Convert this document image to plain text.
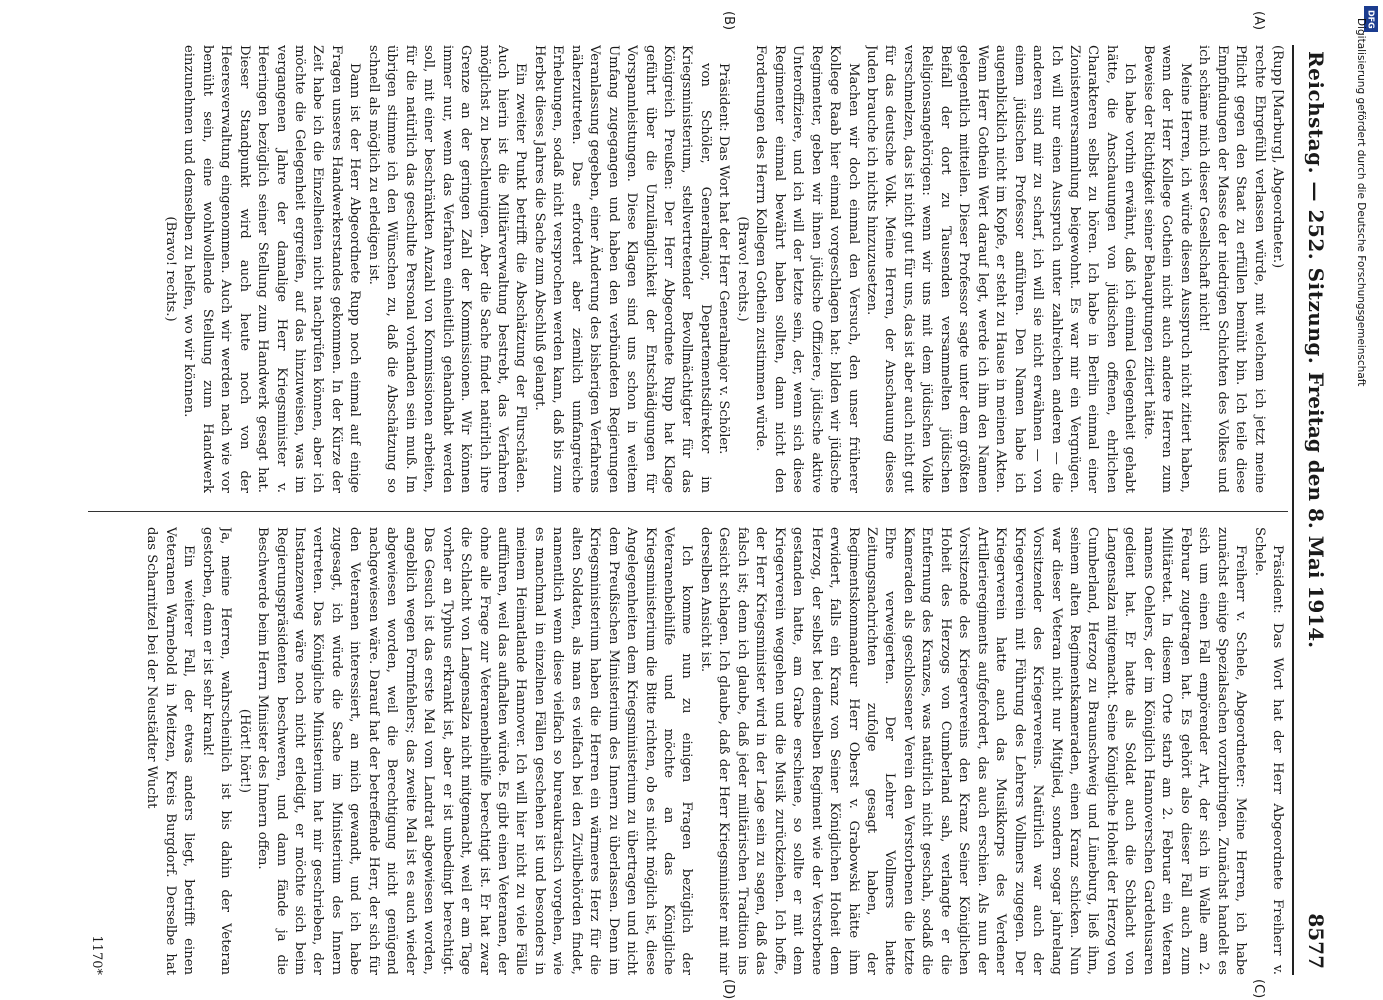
Reichstag. — 252. Sitzung.
Freitag den 8. Mai 1914.
8577
(A)
(B)
(C)
(D)

(Rupp [Marburg], Abgeordneter.)

rechte Ehrgefühl verlassen würde, mit welchem ich jetzt meine Pflicht gegen den Staat zu erfüllen bemüht bin. Ich teile diese Empfindungen der Masse der niedrigen Schichten des Volkes und ich schäme mich dieser Gesellschaft nicht!

Meine Herren, ich würde diesen Ausspruch nicht zitiert haben, wenn der Herr Kollege Gothein nicht auch andere Herren zum Beweise der Richtigkeit seiner Behauptungen zitiert hätte.

Ich habe vorhin erwähnt, daß ich einmal Gelegenheit gehabt hätte, die Anschauungen von jüdischen offenen, ehrlichen Charakteren selbst zu hören. Ich habe in Berlin einmal einer Zionistenversammlung beigewohnt. Es war mir ein Vergnügen. Ich will nur einen Ausspruch unter zahlreichen anderen — die anderen sind mir zu scharf, ich will sie nicht erwähnen — von einem jüdischen Professor anführen. Den Namen habe ich augenblicklich nicht im Kopfe, er steht zu Hause in meinen Akten. Wenn Herr Gothein Wert darauf legt, werde ich ihm den Namen gelegentlich mitteilen. Dieser Professor sagte unter dem größten Beifall der dort zu Tausenden versammelten jüdischen Religionsangehörigen: wenn wir uns mit dem jüdischen Volke verschmelzen, das ist nicht gut für uns, das ist aber auch nicht gut für das deutsche Volk. Meine Herren, der Anschauung dieses Juden brauche ich nichts hinzuzusetzen.

Machen wir doch einmal den Versuch, den unser früherer Kollege Raab hier einmal vorgeschlagen hat: bilden wir jüdische Regimenter, geben wir ihnen jüdische Offiziere, jüdische aktive Unteroffiziere, und ich will der letzte sein, der, wenn sich diese Regimenter einmal bewährt haben sollten, dann nicht den Forderungen des Herrn Kollegen Gothein zustimmen würde.

(Bravo! rechts.)

Präsident: Das Wort hat der Herr Generalmajor v. Schöler.

von Schöler, Generalmajor, Departementsdirektor im Kriegsministerium, stellvertretender Bevollmächtigter für das Königreich Preußen: Der Herr Abgeordnete Rupp hat Klage geführt über die Unzulänglichkeit der Entschädigungen für Vorspannleistungen. Diese Klagen sind uns schon in weitem Umfang zugegangen und haben den verbündeten Regierungen Veranlassung gegeben, einer Änderung des bisherigen Verfahrens näherzutreten. Das erfordert aber ziemlich umfangreiche Erhebungen, sodaß nicht versprochen werden kann, daß bis zum Herbst dieses Jahres die Sache zum Abschluß gelangt.

Ein zweiter Punkt betrifft die Abschätzung der Flurschäden. Auch hierin ist die Militärverwaltung bestrebt, das Verfahren möglichst zu beschleunigen. Aber die Sache findet natürlich ihre Grenze an der geringen Zahl der Kommissionen. Wir können immer nur, wenn das Verfahren einheitlich gehandhabt werden soll, mit einer beschränkten Anzahl von Kommissionen arbeiten, für die natürlich das geschulte Personal vorhanden sein muß. Im übrigen stimme ich den Wünschen zu, daß die Abschätzung so schnell als möglich zu erledigen ist.

Dann ist der Herr Abgeordnete Rupp noch einmal auf einige Fragen unseres Handwerkerstandes gekommen. In der Kürze der Zeit habe ich die Einzelheiten nicht nachprüfen können, aber ich möchte die Gelegenheit ergreifen, auf das hinzuweisen, was im vergangenen Jahre der damalige Herr Kriegsminister v. Heeringen bezüglich seiner Stellung zum Handwerk gesagt hat. Dieser Standpunkt wird auch heute noch von der Heeresverwaltung eingenommen. Auch wir werden nach wie vor bemüht sein, eine wohlwollende Stellung zum Handwerk einzunehmen und demselben zu helfen, wo wir können.

(Bravo! rechts.)

Präsident: Das Wort hat der Herr Abgeordnete Freiherr v. Schele.

Freiherr v. Schele, Abgeordneter: Meine Herren, ich habe zunächst einige Spezialsachen vorzubringen. Zunächst handelt es sich um einen Fall empörender Art, der sich in Walle am 2. Februar zugetragen hat. Es gehört also dieser Fall auch zum Militäretat. In diesem Orte starb am 2. Februar ein Veteran namens Oehlers, der im Königlich Hannoverschen Gardehusaren gedient hat. Er hatte als Soldat auch die Schlacht von Langensalza mitgemacht. Seine Königliche Hoheit der Herzog von Cumberland, Herzog zu Braunschweig und Lüneburg, ließ ihm, seinem alten Regimentskameraden, einen Kranz schicken. Nun war dieser Veteran nicht nur Mitglied, sondern sogar jahrelang Vorsitzender des Kriegervereins. Natürlich war auch der Kriegerverein mit Führung des Lehrers Vollmers zugegen. Der Kriegerverein hatte auch das Musikkorps des Verdener Artillerieregiments aufgefordert, das auch erschien. Als nun der Vorsitzende des Kriegervereins den Kranz Seiner Königlichen Hoheit des Herzogs von Cumberland sah, verlangte er die Entfernung des Kranzes, was natürlich nicht geschah, sodaß die Kameraden als geschlossener Verein den Verstorbenen die letzte Ehre verweigerten. Der Lehrer Vollmers hatte Zeitungsnachrichten zufolge gesagt haben, der Regimentskommandeur Herr Oberst v. Grabowski hätte ihm erwidert, falls ein Kranz von Seiner Königlichen Hoheit dem Herzog, der selbst bei demselben Regiment wie der Verstorbene gestanden hatte, am Grabe erschiene, so sollte er mit dem Kriegerverein weggehen und die Musik zurückziehen. Ich hoffe, der Herr Kriegsminister wird in der Lage sein zu sagen, daß das falsch ist; denn ich glaube, daß jeder militärischen Tradition ins Gesicht schlagen. Ich glaube, daß der Herr Kriegsminister mit mir derselben Ansicht ist.

Ich komme nun zu einigen Fragen bezüglich der Veteranenbeihilfe und möchte an das Königliche Kriegsministerium die Bitte richten, ob es nicht möglich ist, diese Angelegenheiten dem Kriegsministerium zu übertragen und nicht dem Preußischen Ministerium des Innern zu überlassen. Denn im Kriegsministerium haben die Herren ein wärmeres Herz für die alten Soldaten, als man es vielfach bei den Zivilbehörden findet, namentlich wenn diese vielfach so bureaukratisch vorgehen, wie es manchmal in einzelnen Fällen geschehen ist und besonders in meinem Heimatlande Hannover. Ich will hier nicht zu viele Fälle aufführen, weil das aufhalten würde. Es gibt einen Veteranen, der ohne alle Frage zur Veteranenbeihilfe berechtigt ist. Er hat zwar die Schlacht von Langensalza nicht mitgemacht, weil er am Tage vorher an Typhus erkrankt ist, aber er ist unbedingt berechtigt. Das Gesuch ist das erste Mal vom Landrat abgewiesen worden, angeblich wegen Formfehlers; das zweite Mal ist es auch wieder abgewiesen worden, weil die Berechtigung nicht genügend nachgewiesen wäre. Darauf hat der betreffende Herr, der sich für den Veteranen interessiert, an mich gewandt, und ich habe zugesagt, ich würde die Sache im Ministerium des Innern vertreten. Das Königliche Ministerium hat mir geschrieben, der Instanzenweg wäre noch nicht erledigt, er möchte sich beim Regierungspräsidenten beschweren, und dann fände ja die Beschwerde beim Herrn Minister des Innern offen.

(Hört! hört!)

Ja, meine Herren, wahrscheinlich ist bis dahin der Veteran gestorben, denn er ist sehr krank!

Ein weiterer Fall, der etwas anders liegt, betrifft einen Veteranen Warnebold in Meitzen, Kreis Burgdorf. Derselbe hat das Scharnitzel bei der Neustädter Wucht

1170*
DFG
Digitalisierung gefördert durch die Deutsche Forschungsgemeinschaft
